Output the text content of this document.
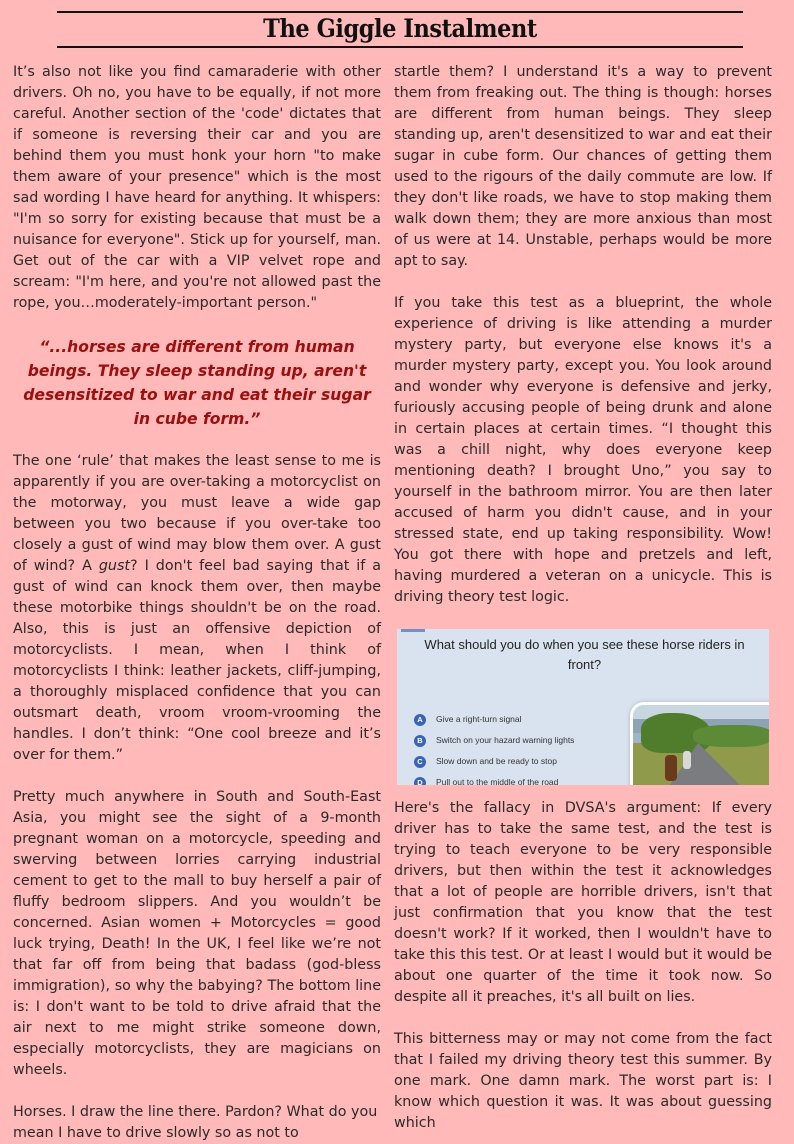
The Giggle Instalment

It’s also not like you find camaraderie with other drivers. Oh no, you have to be equally, if not more careful. Another section of the 'code' dictates that if someone is reversing their car and you are behind them you must honk your horn "to make them aware of your presence" which is the most sad wording I have heard for anything. It whispers: "I'm so sorry for existing because that must be a nuisance for everyone". Stick up for yourself, man. Get out of the car with a VIP velvet rope and scream: "I'm here, and you're not allowed past the rope, you…moderately-important person."

“...horses are different from human beings. They sleep standing up, aren't desensitized to war and eat their sugar in cube form.”

The one ‘rule’ that makes the least sense to me is apparently if you are over-taking a motorcyclist on the motorway, you must leave a wide gap between you two because if you over-take too closely a gust of wind may blow them over. A gust of wind? A gust? I don't feel bad saying that if a gust of wind can knock them over, then maybe these motorbike things shouldn't be on the road. Also, this is just an offensive depiction of motorcyclists. I mean, when I think of motorcyclists I think: leather jackets, cliff-jumping, a thoroughly misplaced confidence that you can outsmart death, vroom vroom-vrooming the handles. I don’t think: “One cool breeze and it’s over for them.”

Pretty much anywhere in South and South-East Asia, you might see the sight of a 9-month pregnant woman on a motorcycle, speeding and swerving between lorries carrying industrial cement to get to the mall to buy herself a pair of fluffy bedroom slippers. And you wouldn’t be concerned. Asian women + Motorcycles = good luck trying, Death! In the UK, I feel like we’re not that far off from being that badass (god-bless immigration), so why the babying? The bottom line is: I don't want to be told to drive afraid that the air next to me might strike someone down, especially motorcyclists, they are magicians on wheels.

Horses. I draw the line there. Pardon? What do you mean I have to drive slowly so as not to

startle them? I understand it's a way to prevent them from freaking out. The thing is though: horses are different from human beings. They sleep standing up, aren't desensitized to war and eat their sugar in cube form. Our chances of getting them used to the rigours of the daily commute are low. If they don't like roads, we have to stop making them walk down them; they are more anxious than most of us were at 14. Unstable, perhaps would be more apt to say.

If you take this test as a blueprint, the whole experience of driving is like attending a murder mystery party, but everyone else knows it's a murder mystery party, except you. You look around and wonder why everyone is defensive and jerky, furiously accusing people of being drunk and alone in certain places at certain times. “I thought this was a chill night, why does everyone keep mentioning death? I brought Uno,” you say to yourself in the bathroom mirror. You are then later accused of harm you didn't cause, and in your stressed state, end up taking responsibility. Wow! You got there with hope and pretzels and left, having murdered a veteran on a unicycle. This is driving theory test logic.

What should you do when you see these horse riders in front?
A	Give a right-turn signal
B	Switch on your hazard warning lights
C	Slow down and be ready to stop
D	Pull out to the middle of the road

Here's the fallacy in DVSA's argument: If every driver has to take the same test, and the test is trying to teach everyone to be very responsible drivers, but then within the test it acknowledges that a lot of people are horrible drivers, isn't that just confirmation that you know that the test doesn't work? If it worked, then I wouldn't have to take this this test. Or at least I would but it would be about one quarter of the time it took now. So despite all it preaches, it's all built on lies.

This bitterness may or may not come from the fact that I failed my driving theory test this summer. By one mark. One damn mark. The worst part is: I know which question it was. It was about guessing which
